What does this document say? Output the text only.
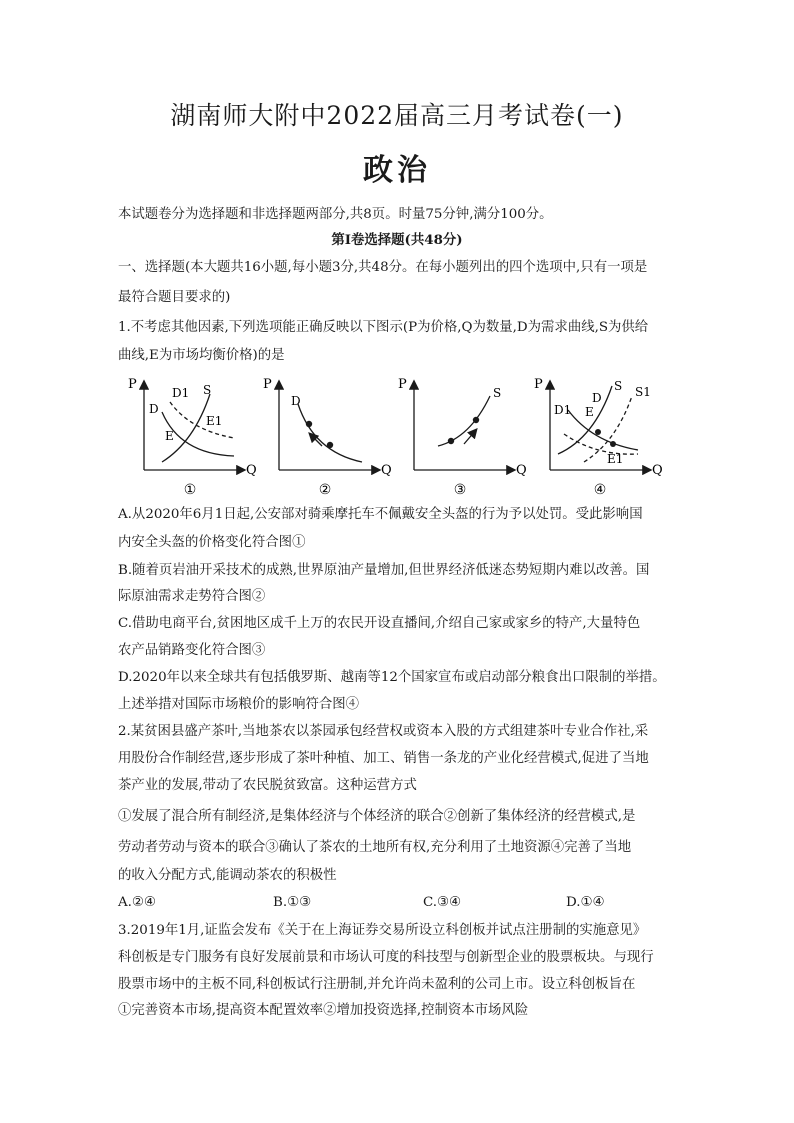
湖南师大附中2022届高三月考试卷(一)
政治
本试题卷分为选择题和非选择题两部分,共8页。时量75分钟,满分100分。
第Ⅰ卷选择题(共48分)
一、选择题(本大题共16小题,每小题3分,共48分。在每小题列出的四个选项中,只有一项是
最符合题目要求的)
1.不考虑其他因素,下列选项能正确反映以下图示(P为价格,Q为数量,D为需求曲线,S为供给
曲线,E为市场均衡价格)的是
P
Q
D
D1 S
E
E1
①
P
Q
D
②
P
Q
S
③
P
Q
D1
D
S S1
E
E1
④
A.从2020年6月1日起,公安部对骑乘摩托车不佩戴安全头盔的行为予以处罚。受此影响国
内安全头盔的价格变化符合图①
B.随着页岩油开采技术的成熟,世界原油产量增加,但世界经济低迷态势短期内难以改善。国
际原油需求走势符合图②
C.借助电商平台,贫困地区成千上万的农民开设直播间,介绍自己家或家乡的特产,大量特色
农产品销路变化符合图③
D.2020年以来全球共有包括俄罗斯、越南等12个国家宣布或启动部分粮食出口限制的举措。
上述举措对国际市场粮价的影响符合图④
2.某贫困县盛产茶叶,当地茶农以茶园承包经营权或资本入股的方式组建茶叶专业合作社,采
用股份合作制经营,逐步形成了茶叶种植、加工、销售一条龙的产业化经营模式,促进了当地
茶产业的发展,带动了农民脱贫致富。这种运营方式
①发展了混合所有制经济,是集体经济与个体经济的联合②创新了集体经济的经营模式,是
劳动者劳动与资本的联合③确认了茶农的土地所有权,充分利用了土地资源④完善了当地
的收入分配方式,能调动茶农的积极性
A.②④	B.①③	C.③④	D.①④
3.2019年1月,证监会发布《关于在上海证券交易所设立科创板并试点注册制的实施意见》
科创板是专门服务有良好发展前景和市场认可度的科技型与创新型企业的股票板块。与现行
股票市场中的主板不同,科创板试行注册制,并允许尚未盈利的公司上市。设立科创板旨在
①完善资本市场,提高资本配置效率②增加投资选择,控制资本市场风险
